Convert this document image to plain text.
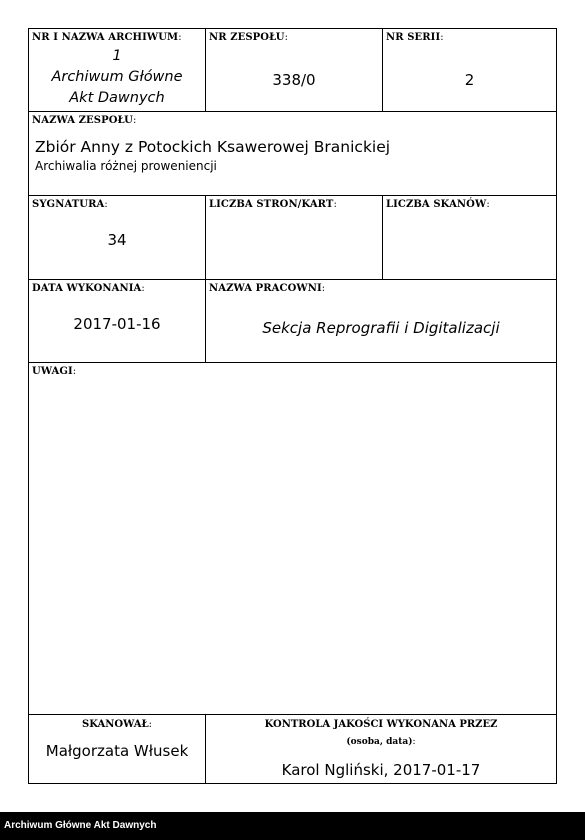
NR I NAZWA ARCHIWUM:
1
Archiwum Główne
Akt Dawnych
NR ZESPOŁU:
338/0
NR SERII:
2
NAZWA ZESPOŁU:
Zbiór Anny z Potockich Ksawerowej Branickiej
Archiwalia różnej proweniencji
SYGNATURA:
34
LICZBA STRON/KART:	LICZBA SKANÓW:
DATA WYKONANIA:
2017-01-16
NAZWA PRACOWNI:
Sekcja Reprografii i Digitalizacji
UWAGI:
SKANOWAŁ:
Małgorzata Włusek
KONTROLA JAKOŚCI WYKONANA PRZEZ
(osoba, data):
Karol Ngliński, 2017-01-17
Archiwum Główne Akt Dawnych
